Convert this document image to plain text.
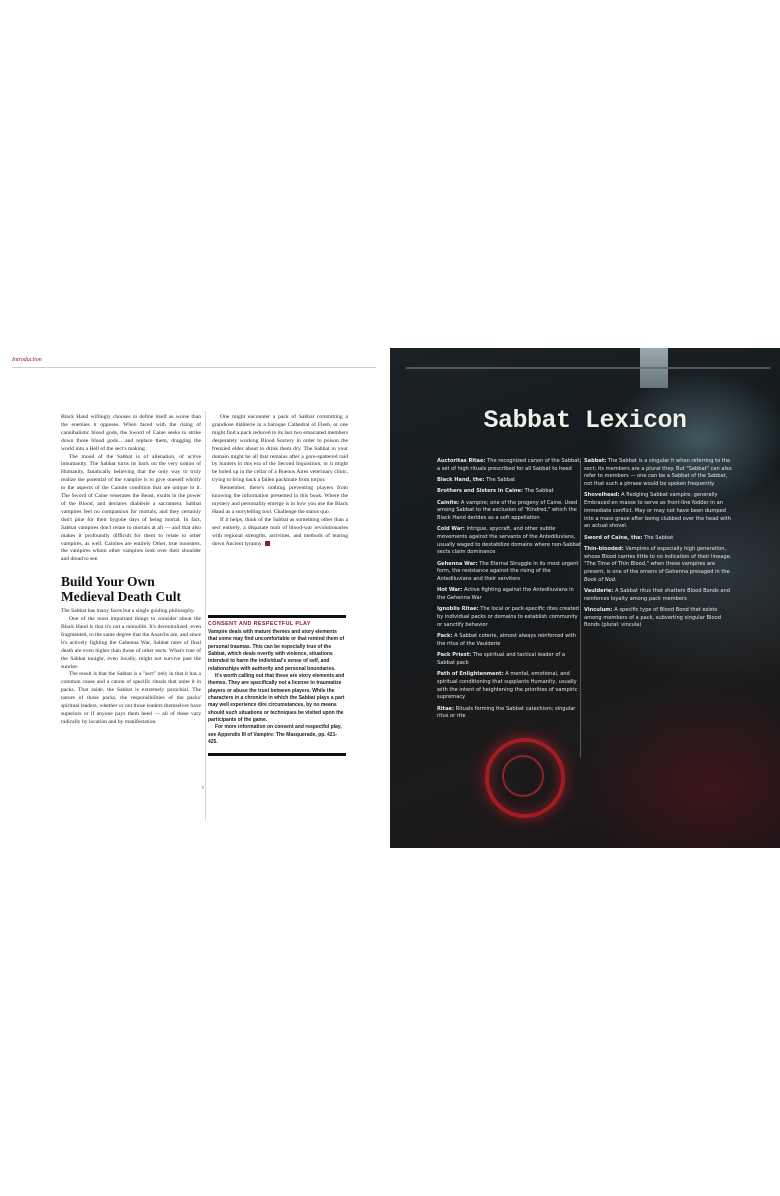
Introduction

Black Hand willingly chooses to define itself as worse than the enemies it opposes. When faced with the rising of cannibalistic blood gods, the Sword of Caine seeks to strike down those blood gods... and replace them, dragging the world into a Hell of the sect's making.

The mood of the Sabbat is of alienation, of active inhumanity. The Sabbat turns its back on the very notion of Humanity, fanatically believing that the only way to truly realize the potential of the vampire is to give oneself wholly to the aspects of the Cainite condition that are unique to it. The Sword of Caine venerates the Beast, exults in the power of the Blood, and declares diablerie a sacrament. Sabbat vampires feel no compassion for mortals, and they certainly don't pine for their bygone days of being mortal. In fact, Sabbat vampires don't relate to mortals at all — and that also makes it profoundly difficult for them to relate to other vampires, as well. Cainites are entirely Other, true monsters, the vampires whom other vampires look over their shoulder and dread to see.

Build Your Own Medieval Death Cult

The Sabbat has many faces but a single guiding philosophy.

One of the most important things to consider about the Black Hand is that it's not a monolith. It's decentralized, even fragmented, to the same degree that the Anarchs are, and since it's actively fighting the Gehenna War, Sabbat rates of final death are even higher than those of other sects. What's true of the Sabbat tonight, even locally, might not survive past the sunrise.

The result is that the Sabbat is a "sect" only in that it has a common cause and a canon of specific rituals that unite it in packs. That aside, the Sabbat is extremely parochial. The nature of those packs, the responsibilities of the packs' spiritual leaders, whether or not those leaders themselves have superiors or if anyone pays them heed — all of these vary radically by location and by manifestation.

One might encounter a pack of Sabbat committing a grandiose diablerie in a baroque Cathedral of Flesh, or one might find a pack reduced to its last two emaciated members desperately working Blood Sorcery in order to poison the frenzied elder about to drink them dry. The Sabbat in your domain might be all that remains after a gore-spattered raid by hunters in this era of the Second Inquisition, or it might be holed up in the cellar of a Buenos Aires veterinary clinic, trying to bring back a fallen packmate from torpor.

Remember, there's nothing preventing players from knowing the information presented in this book. Where the mystery and personality emerge is in how you use the Black Hand as a storytelling tool. Challenge the status quo.

If it helps, think of the Sabbat as something other than a sect entirely, a disparate mob of blood-war revolutionaries with regional strengths, activities, and methods of tearing down Ancient tyranny.

CONSENT AND RESPECTFUL PLAY

Vampire deals with mature themes and story elements that some may find uncomfortable or that remind them of personal traumas. This can be especially true of the Sabbat, which deals overtly with violence, situations intended to harm the individual's sense of self, and relationships with authority and personal boundaries.

It's worth calling out that these are story elements and themes. They are specifically not a license to traumatize players or abuse the trust between players. While the characters in a chronicle in which the Sabbat plays a part may well experience dire circumstances, by no means should such situations or techniques be visited upon the participants of the game.

For more information on consent and respectful play, see Appendix III of Vampire: The Masquerade, pp. 421-425.

8
Sabbat Lexicon
Auctoritas Ritae: The recognized canon of the Sabbat, a set of high rituals prescribed for all Sabbat to heed
Black Hand, the: The Sabbat
Brothers and Sisters in Caine: The Sabbat
Cainite: A vampire; one of the progeny of Caine. Used among Sabbat to the exclusion of "Kindred," which the Black Hand derides as a soft appellation
Cold War: Intrigue, spycraft, and other subtle movements against the servants of the Antediluvians, usually waged to destabilize domains where non-Sabbat sects claim dominance
Gehenna War: The Eternal Struggle in its most urgent form, the resistance against the rising of the Antediluvians and their servitors
Hot War: Active fighting against the Antediluvians in the Gehenna War
Ignoblis Ritae: The local or pack-specific rites created by individual packs or domains to establish community or sanctify behavior
Pack: A Sabbat coterie, almost always reinforced with the ritus of the Vaulderie
Pack Priest: The spiritual and tactical leader of a Sabbat pack
Path of Enlightenment: A mental, emotional, and spiritual conditioning that supplants Humanity, usually with the intent of heightening the priorities of vampiric supremacy
Ritae: Rituals forming the Sabbat catechism; singular ritus or rite
Sabbat: The Sabbat is a singular it when referring to the sect; its members are a plural they. But "Sabbat" can also refer to members — one can be a Sabbat of the Sabbat, not that such a phrase would be spoken frequently.
Shovelhead: A fledgling Sabbat vampire, generally Embraced en masse to serve as front-line fodder in an immediate conflict. May or may not have been dumped into a mass grave after being clubbed over the head with an actual shovel.
Sword of Caine, the: The Sabbat
Thin-blooded: Vampires of especially high generation, whose Blood carries little to no indication of their lineage. "The Time of Thin Blood," when these vampires are present, is one of the omens of Gehenna presaged in the Book of Nod.
Vaulderie: A Sabbat ritus that shatters Blood Bonds and reinforces loyalty among pack members
Vinculum: A specific type of Blood Bond that exists among members of a pack, subverting singular Blood Bonds (plural: vincula)
